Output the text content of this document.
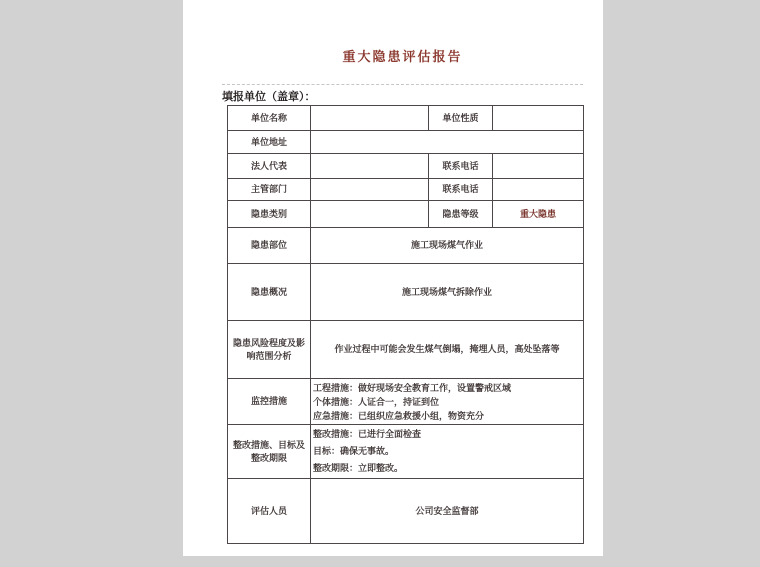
重大隐患评估报告
填报单位（盖章）：
单位名称		单位性质	
单位地址			
法人代表		联系电话	
主管部门		联系电话	
隐患类别		隐患等级	重大隐患
隐患部位	施工现场煤气作业		
隐患概况	施工现场煤气拆除作业		
隐患风险程度及影响范围分析	作业过程中可能会发生煤气倒塌，掩埋人员，高处坠落等		
监控措施	工程措施：做好现场安全教育工作，设置警戒区域
个体措施：人证合一，持证到位
应急措施：已组织应急救援小组，物资充分		

整改措施、目标及整改期限	整改措施：已进行全面检查
目标：确保无事故。
整改期限：立即整改。		

评估人员	公司安全监督部		
